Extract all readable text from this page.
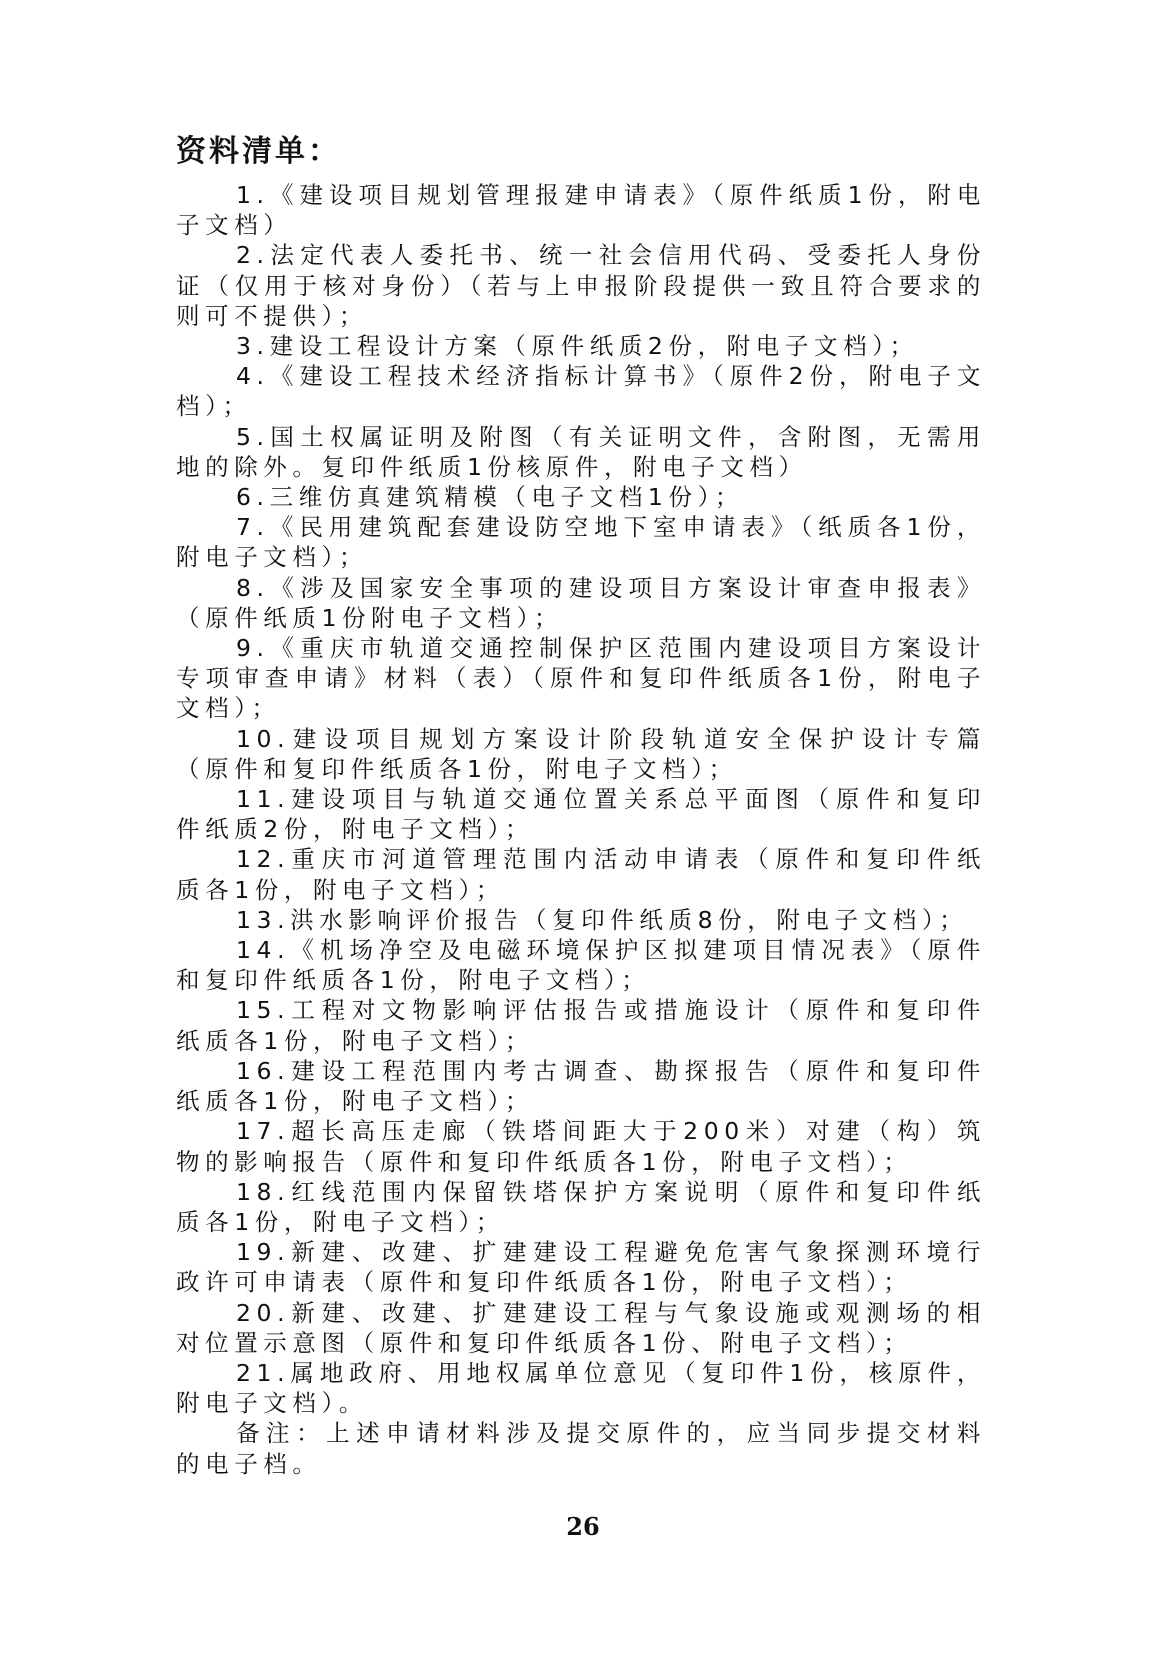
资料清单：

1.《建设项目规划管理报建申请表》（原件纸质1份，附电子文档）

2.法定代表人委托书、统一社会信用代码、受委托人身份证（仅用于核对身份）（若与上申报阶段提供一致且符合要求的则可不提供）；

3.建设工程设计方案（原件纸质2份，附电子文档）；

4.《建设工程技术经济指标计算书》（原件2份，附电子文档）；

5.国土权属证明及附图（有关证明文件，含附图，无需用地的除外。复印件纸质1份核原件，附电子文档）

6.三维仿真建筑精模（电子文档1份）；

7.《民用建筑配套建设防空地下室申请表》（纸质各1份，附电子文档）；

8.《涉及国家安全事项的建设项目方案设计审查申报表》（原件纸质1份附电子文档）；

9.《重庆市轨道交通控制保护区范围内建设项目方案设计专项审查申请》材料（表）（原件和复印件纸质各1份，附电子文档）；

10.建设项目规划方案设计阶段轨道安全保护设计专篇（原件和复印件纸质各1份，附电子文档）；

11.建设项目与轨道交通位置关系总平面图（原件和复印件纸质2份，附电子文档）；

12.重庆市河道管理范围内活动申请表（原件和复印件纸质各1份，附电子文档）；

13.洪水影响评价报告（复印件纸质8份，附电子文档）；

14.《机场净空及电磁环境保护区拟建项目情况表》（原件和复印件纸质各1份，附电子文档）；

15.工程对文物影响评估报告或措施设计（原件和复印件纸质各1份，附电子文档）；

16.建设工程范围内考古调查、勘探报告（原件和复印件纸质各1份，附电子文档）；

17.超长高压走廊（铁塔间距大于200米）对建（构）筑物的影响报告（原件和复印件纸质各1份，附电子文档）；

18.红线范围内保留铁塔保护方案说明（原件和复印件纸质各1份，附电子文档）；

19.新建、改建、扩建建设工程避免危害气象探测环境行政许可申请表（原件和复印件纸质各1份，附电子文档）；

20.新建、改建、扩建建设工程与气象设施或观测场的相对位置示意图（原件和复印件纸质各1份、附电子文档）；

21.属地政府、用地权属单位意见（复印件1份，核原件，附电子文档）。

备注：上述申请材料涉及提交原件的，应当同步提交材料的电子档。

26
